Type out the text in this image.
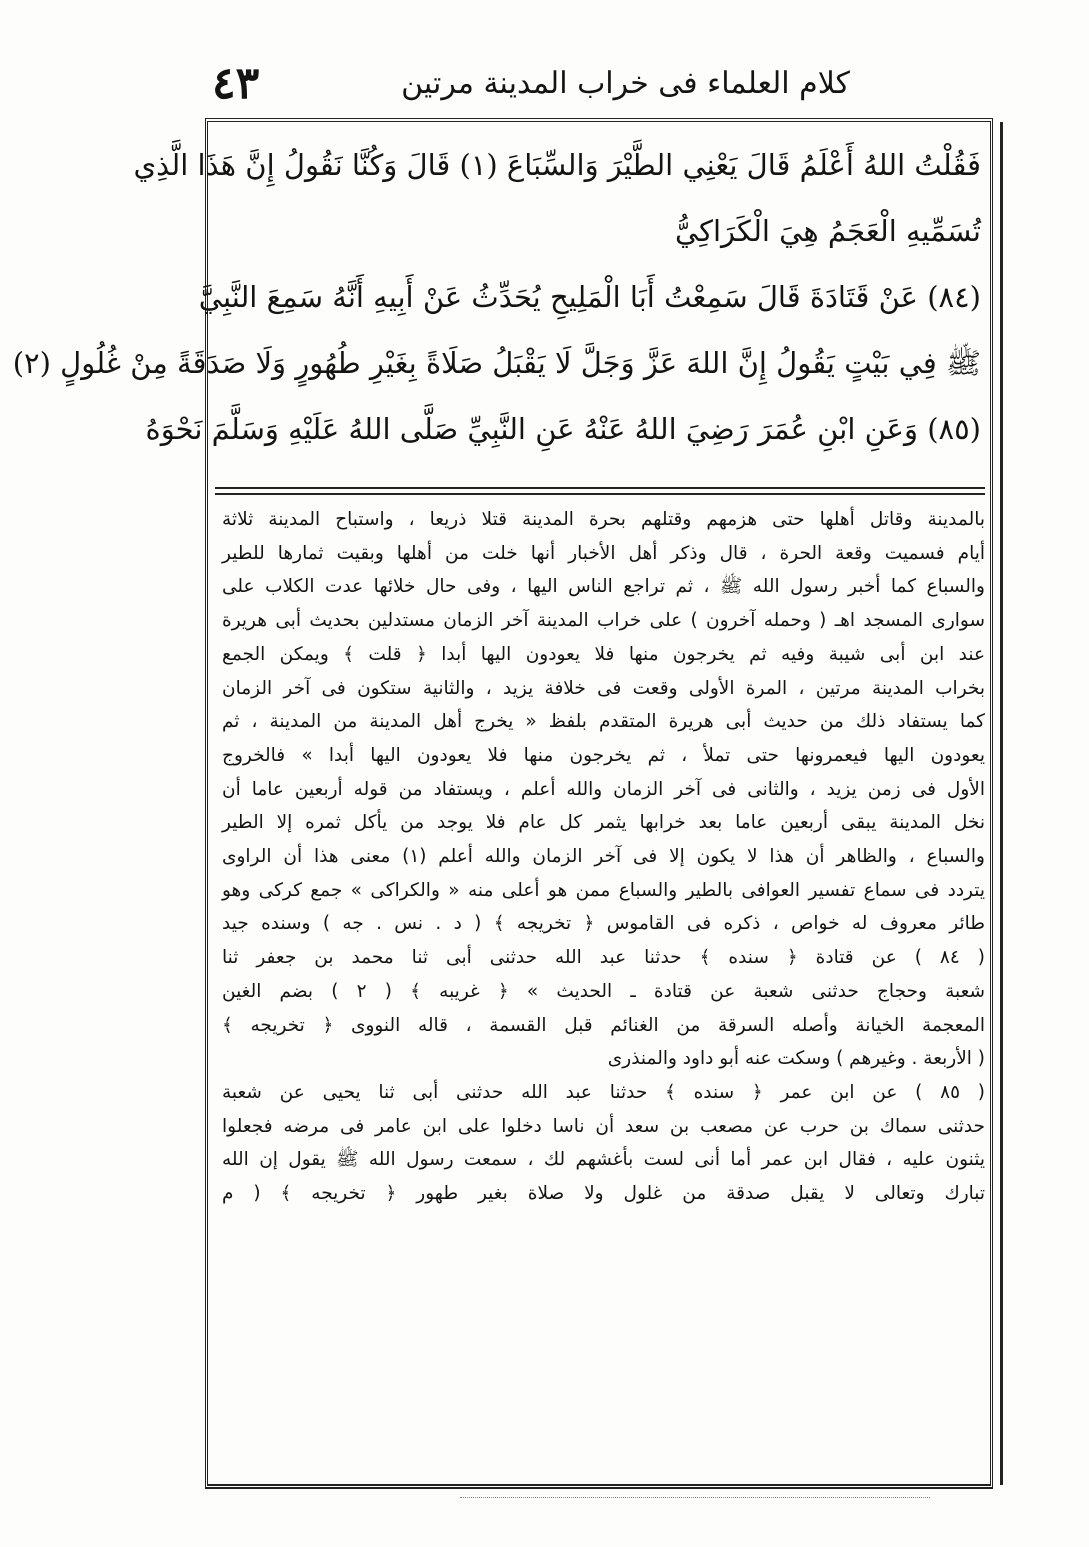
٤٣	كلام العلماء فى خراب المدينة مرتين

فَقُلْتُ اللهُ أَعْلَمُ قَالَ يَعْنِي الطَّيْرَ وَالسِّبَاعَ (١) قَالَ وَكُنَّا نَقُولُ إِنَّ هَذَا الَّذِي

تُسَمِّيهِ الْعَجَمُ هِيَ الْكَرَاكِيُّ

(٨٤) عَنْ قَتَادَةَ قَالَ سَمِعْتُ أَبَا الْمَلِيحِ يُحَدِّثُ عَنْ أَبِيهِ أَنَّهُ سَمِعَ النَّبِيَّ

ﷺ فِي بَيْتٍ يَقُولُ إِنَّ اللهَ عَزَّ وَجَلَّ لَا يَقْبَلُ صَلَاةً بِغَيْرِ طُهُورٍ وَلَا صَدَقَةً مِنْ غُلُولٍ (٢)

(٨٥) وَعَنِ ابْنِ عُمَرَ رَضِيَ اللهُ عَنْهُ عَنِ النَّبِيِّ صَلَّى اللهُ عَلَيْهِ وَسَلَّمَ نَحْوَهُ

بالمدينة وقاتل أهلها حتى هزمهم وقتلهم بحرة المدينة قتلا ذريعا ، واستباح المدينة ثلاثة

أيام فسميت وقعة الحرة ، قال وذكر أهل الأخبار أنها خلت من أهلها وبقيت ثمارها للطير

والسباع كما أخبر رسول الله ﷺ ، ثم تراجع الناس اليها ، وفى حال خلائها عدت الكلاب على

سوارى المسجد اهـ ( وحمله آخرون ) على خراب المدينة آخر الزمان مستدلين بحديث أبى هريرة

عند ابن أبى شيبة وفيه ثم يخرجون منها فلا يعودون اليها أبدا ﴿ قلت ﴾ ويمكن الجمع

بخراب المدينة مرتين ، المرة الأولى وقعت فى خلافة يزيد ، والثانية ستكون فى آخر الزمان

كما يستفاد ذلك من حديث أبى هريرة المتقدم بلفظ « يخرج أهل المدينة من المدينة ، ثم

يعودون اليها فيعمرونها حتى تملأ ، ثم يخرجون منها فلا يعودون اليها أبدا » فالخروج

الأول فى زمن يزيد ، والثانى فى آخر الزمان والله أعلم ، ويستفاد من قوله أربعين عاما أن

نخل المدينة يبقى أربعين عاما بعد خرابها يثمر كل عام فلا يوجد من يأكل ثمره إلا الطير

والسباع ، والظاهر أن هذا لا يكون إلا فى آخر الزمان والله أعلم (١) معنى هذا أن الراوى

يتردد فى سماع تفسير العوافى بالطير والسباع ممن هو أعلى منه « والكراكى » جمع كركى وهو

طائر معروف له خواص ، ذكره فى القاموس ﴿ تخريجه ﴾ ( د . نس . جه ) وسنده جيد

( ٨٤ ) عن قتادة ﴿ سنده ﴾ حدثنا عبد الله حدثنى أبى ثنا محمد بن جعفر ثنا

شعبة وحجاج حدثنى شعبة عن قتادة ـ الحديث » ﴿ غريبه ﴾ ( ٢ ) بضم الغين

المعجمة الخيانة وأصله السرقة من الغنائم قبل القسمة ، قاله النووى ﴿ تخريجه ﴾

( الأربعة . وغيرهم ) وسكت عنه أبو داود والمنذرى

( ٨٥ ) عن ابن عمر ﴿ سنده ﴾ حدثنا عبد الله حدثنى أبى ثنا يحيى عن شعبة

حدثنى سماك بن حرب عن مصعب بن سعد أن ناسا دخلوا على ابن عامر فى مرضه فجعلوا

يثنون عليه ، فقال ابن عمر أما أنى لست بأغشهم لك ، سمعت رسول الله ﷺ يقول إن الله

تبارك وتعالى لا يقبل صدقة من غلول ولا صلاة بغير طهور ﴿ تخريجه ﴾ ( م
